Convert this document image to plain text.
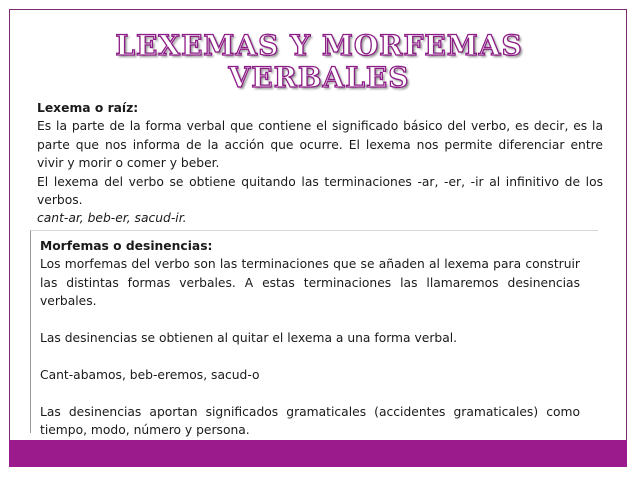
LEXEMAS Y MORFEMAS
VERBALES

Lexema o raíz:

Es la parte de la forma verbal que contiene el significado básico del verbo, es decir, es la parte que nos informa de la acción que ocurre. El lexema nos permite diferenciar entre vivir y morir o comer y beber.

El lexema del verbo se obtiene quitando las terminaciones -ar, -er, -ir al infinitivo de los verbos.

cant-ar, beb-er, sacud-ir.

Morfemas o desinencias:

Los morfemas del verbo son las terminaciones que se añaden al lexema para construir las distintas formas verbales. A estas terminaciones las llamaremos desinencias verbales.

Las desinencias se obtienen al quitar el lexema a una forma verbal.

Cant-abamos, beb-eremos, sacud-o

Las desinencias aportan significados gramaticales (accidentes gramaticales) como tiempo, modo, número y persona.
